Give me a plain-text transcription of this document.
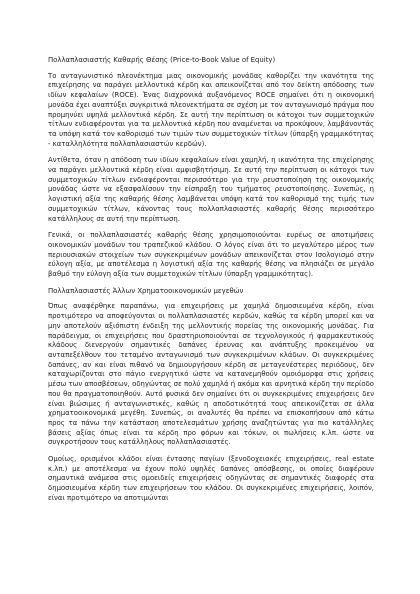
Πολλαπλασιαστής Καθαρής Θέσης (Price-to-Book Value of Equity)

Το ανταγωνιστικό πλεονέκτημα μιας οικονομικής μονάδας καθορίζει την ικανότητα της επιχείρησης να παράγει μελλοντικά κέρδη και απεικονίζεται από τον δείκτη απόδοσης των ιδίων κεφαλαίων (ROCE). Ένας διαχρονικά αυξανόμενος ROCE σημαίνει ότι η οικονομική μονάδα έχει αναπτύξει συγκριτικά πλεονεκτήματα σε σχέση με τον ανταγωνισμό πράγμα που προμηνύει υψηλά μελλοντικά κέρδη. Σε αυτή την περίπτωση οι κάτοχοι των συμμετοχικών τίτλων ενδιαφέρονται για τα μελλοντικά κέρδη που αναμένεται να προκύψουν, λαμβάνοντάς τα υπόψη κατά τον καθορισμό των τιμών των συμμετοχικών τίτλων (ύπαρξη γραμμικότητας - καταλληλότητα πολλαπλασιαστών κερδών).

Αντίθετα, όταν η απόδοση των ιδίων κεφαλαίων είναι χαμηλή, η ικανότητα της επιχείρησης να παράγει μελλοντικά κέρδη είναι αμφισβητήσιμη. Σε αυτή την περίπτωση οι κάτοχοι των συμμετοχικών τίτλων ενδιαφέρονται περισσότερο για την ρευστοποίηση της οικονομικής μονάδας ώστε να εξασφαλίσουν την είσπραξη του τμήματος ρευστοποίησης. Συνεπώς, η λογιστική αξία της καθαρής θέσης λαμβάνεται υπόψη κατά τον καθορισμό της τιμής των συμμετοχικών τίτλων, κάνοντας τους πολλαπλασιαστές καθαρής θέσης περισσότερο κατάλληλους σε αυτή την περίπτωση.

Γενικά, οι πολλαπλασιαστές καθαρής θέσης χρησιμοποιούνται ευρέως σε αποτιμήσεις οικονομικών μονάδων του τραπεζικού κλάδου. Ο λόγος είναι ότι το μεγαλύτερο μέρος των περιουσιακών στοιχείων των συγκεκριμένων μονάδων απεικονίζεται στον Ισολογισμό στην εύλογη αξία, με αποτέλεσμα η λογιστική αξία της καθαρής θέσης να πλησιάζει σε μεγάλο βαθμό την εύλογη αξία των συμμετοχικών τίτλων (ύπαρξη γραμμικότητας).

Πολλαπλασιαστές Άλλων Χρηματοοικονομικών μεγεθών

Όπως αναφέρθηκε παραπάνω, για επιχειρήσεις με χαμηλά δημοσιευμένα κέρδη, είναι προτιμότερο να αποφεύγονται οι πολλαπλασιαστές κερδών, καθώς τα κέρδη μπορεί και να μην αποτελούν αξιόπιστη ένδειξη της μελλοντικής πορείας της οικονομικής μονάδας. Για παράδειγμα, οι επιχειρήσεις που δραστηριοποιούνται σε τεχνολογικούς ή φαρμακευτικούς κλάδους διενεργούν σημαντικές δαπάνες έρευνας και ανάπτυξης προκειμένου να ανταπεξέλθουν του τεταμένο ανταγωνισμό των συγκεκριμένων κλάδων. Οι συγκεκριμένες δαπάνες, αν και είναι πιθανό να δημιουργήσουν κέρδη σε μεταγενέστερες περιόδους, δεν καταχωρίζονται στο πάγιο ενεργητικό ώστε να κατανεμηθούν ομοιόμορφα στις χρήσεις μέσω των αποσβέσεων, οδηγώντας σε πολύ χαμηλά ή ακόμα και αρνητικά κέρδη την περίοδο που θα πραγματοποιηθούν. Αυτό φυσικά δεν σημαίνει ότι οι συγκεκριμένες επιχειρήσεις δεν είναι βιώσιμες ή ανταγωνιστικές, καθώς η αποδοτικότητά τους απεικονίζεται σε άλλα χρηματοοικονομικά μεγέθη. Συνεπώς, οι αναλυτές θα πρέπει να επισκοπήσουν από κάτω προς τα πάνω την κατάσταση αποτελεσμάτων χρήσης αναζητώντας για πιο κατάλληλες βάσεις αξίας όπως είναι τα κέρδη προ φόρων και τόκων, οι πωλήσεις κ.λπ. ώστε να συγκροτήσουν τους κατάλληλους πολλαπλασιαστές.

Ομοίως, ορισμένοι κλάδοι είναι έντασης παγίων (ξενοδοχειακές επιχειρήσεις, real estate κ.λπ.) με αποτέλεσμα να έχουν πολύ υψηλές δαπάνες απόσβεσης, οι οποίες διαφέρουν σημαντικά ανάμεσα στις ομοειδείς επιχειρήσεις οδηγώντας σε σημαντικές διαφορές στα δημοσιευμένα κέρδη των επιχειρήσεων του κλάδου. Οι συγκεκριμένες επιχειρήσεις, λοιπόν, είναι προτιμότερο να αποτιμώνται
